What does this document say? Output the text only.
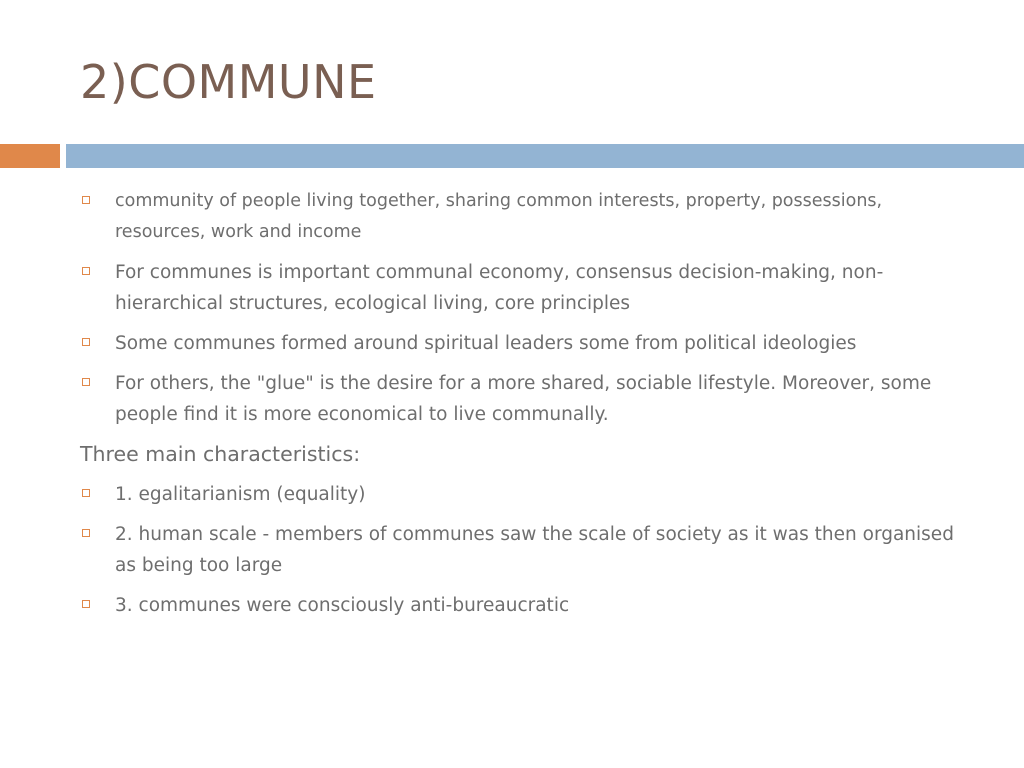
2)COMMUNE

community of people living together, sharing common interests, property, possessions, resources, work and income

For communes is important communal economy, consensus decision-making, non-hierarchical structures, ecological living, core principles

Some communes formed around spiritual leaders some from political ideologies

For others, the "glue" is the desire for a more shared, sociable lifestyle. Moreover, some people find it is more economical to live communally.

Three main characteristics:

1. egalitarianism (equality)

2. human scale - members of communes saw the scale of society as it was then organised as being too large

3. communes were consciously anti-bureaucratic
